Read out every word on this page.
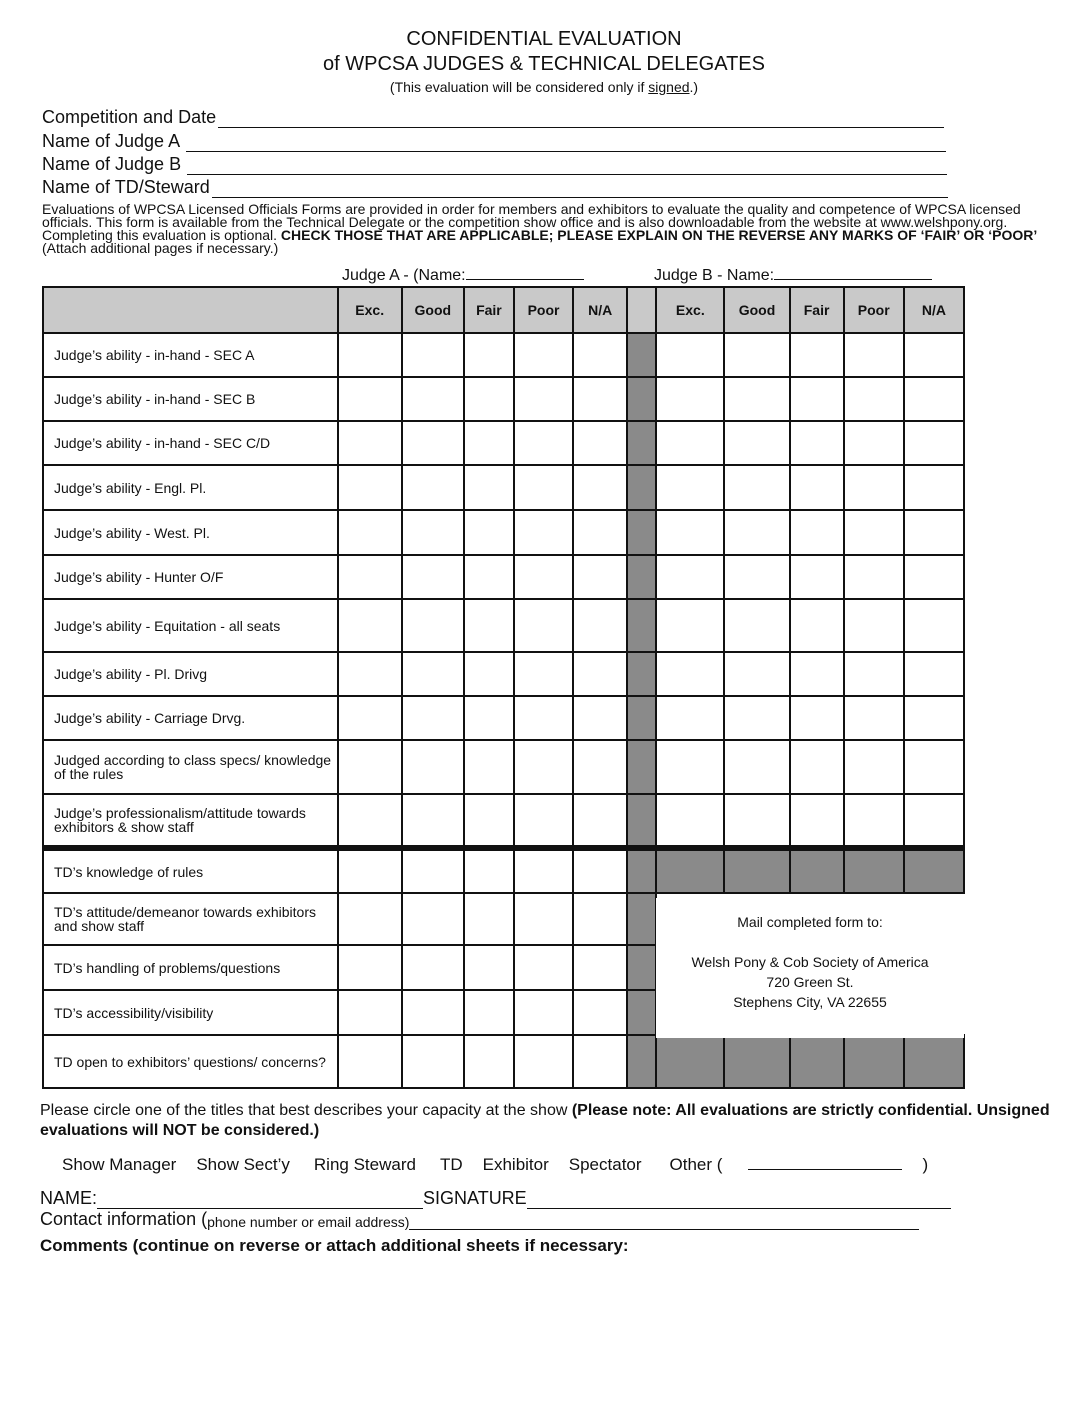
CONFIDENTIAL EVALUATION
of WPCSA JUDGES & TECHNICAL DELEGATES
(This evaluation will be considered only if signed.)
Competition and Date
Name of Judge A
Name of Judge B
Name of TD/Steward
Evaluations of WPCSA Licensed Officials Forms are provided in order for members and exhibitors to evaluate the quality and competence of WPCSA licensed officials. This form is available from the Technical Delegate or the competition show office and is also downloadable from the website at www.welshpony.org. Completing this evaluation is optional. CHECK THOSE THAT ARE APPLICABLE; PLEASE EXPLAIN ON THE REVERSE ANY MARKS OF ‘FAIR’ OR ‘POOR’ (Attach additional pages if necessary.)
Judge A - (Name:	Judge B - Name:
	Exc.	Good	Fair	Poor	N/A		Exc.	Good	Fair	Poor	N/A
Judge’s ability - in-hand - SEC A											
Judge’s ability - in-hand - SEC B											
Judge’s ability - in-hand - SEC C/D											
Judge’s ability - Engl. Pl.											
Judge’s ability - West. Pl.											
Judge’s ability - Hunter O/F											
Judge’s ability - Equitation - all seats											
Judge’s ability - Pl. Drivg											
Judge’s ability - Carriage Drvg.											
Judged according to class specs/ knowledge of the rules											
Judge’s professionalism/attitude towards exhibitors & show staff											
TD’s knowledge of rules											
TD’s attitude/demeanor towards exhibitors and show staff											
TD’s handling of problems/questions											
TD’s accessibility/visibility											
TD open to exhibitors’ questions/ concerns?											
Mail completed form to:
Welsh Pony & Cob Society of America
720 Green St.
Stephens City, VA 22655
Please circle one of the titles that best describes your capacity at the show (Please note: All evaluations are strictly confidential. Unsigned evaluations will NOT be considered.)
Show Manager Show Sect’y Ring Steward TD Exhibitor Spectator Other (	)
NAME:	SIGNATURE
Contact information ( phone number or email address)
Comments (continue on reverse or attach additional sheets if necessary:
